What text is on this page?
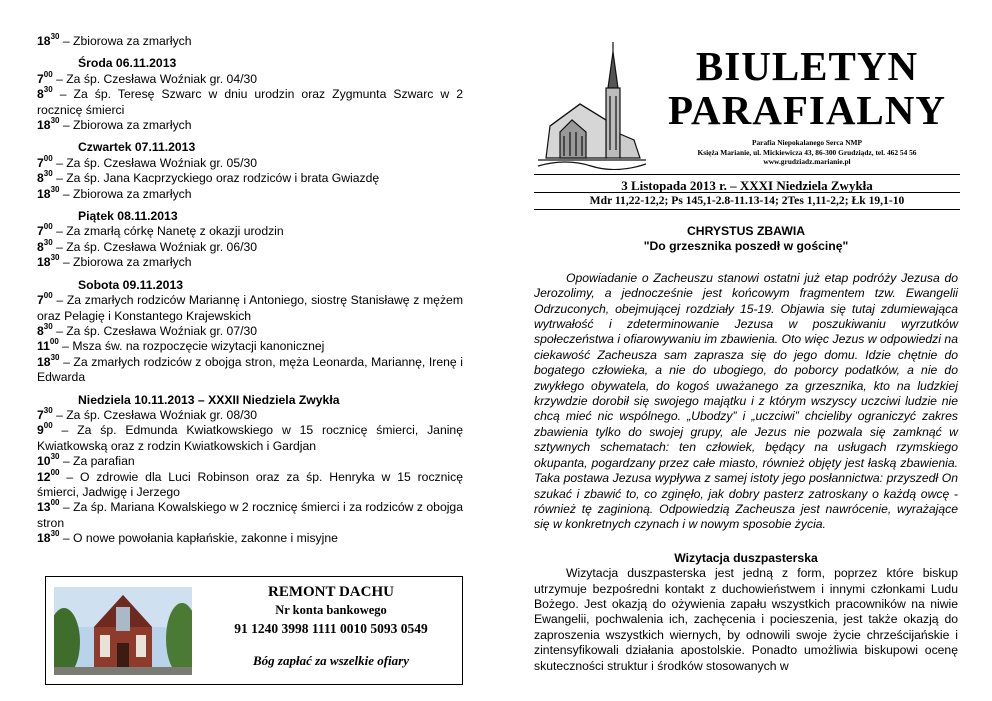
$18^{30}$ – Zbiorowa za zmarłych
Środa 06.11.2013
$7^{00}$ – Za śp. Czesława Woźniak gr. 04/30
$8^{30}$ – Za śp. Teresę Szwarc w dniu urodzin oraz Zygmunta Szwarc w 2 rocznicę śmierci
$18^{30}$ – Zbiorowa za zmarłych
Czwartek 07.11.2013
$7^{00}$ – Za śp. Czesława Woźniak gr. 05/30
$8^{30}$ – Za śp. Jana Kacprzyckiego oraz rodziców i brata Gwiazdę
$18^{30}$ – Zbiorowa za zmarłych
Piątek 08.11.2013
$7^{00}$ – Za zmarłą córkę Nanetę z okazji urodzin
$8^{30}$ – Za śp. Czesława Woźniak gr. 06/30
$18^{30}$ – Zbiorowa za zmarłych
Sobota 09.11.2013
$7^{00}$ – Za zmarłych rodziców Mariannę i Antoniego, siostrę Stanisławę z mężem oraz Pelagię i Konstantego Krajewskich
$8^{30}$ – Za śp. Czesława Woźniak gr. 07/30
$11^{00}$ – Msza św. na rozpoczęcie wizytacji kanonicznej
$18^{30}$ – Za zmarłych rodziców z obojga stron, męża Leonarda, Mariannę, Irenę i Edwarda
Niedziela 10.11.2013 – XXXII Niedziela Zwykła
$7^{30}$ – Za śp. Czesława Woźniak gr. 08/30
$9^{00}$ – Za śp. Edmunda Kwiatkowskiego w 15 rocznicę śmierci, Janinę Kwiatkowską oraz z rodzin Kwiatkowskich i Gardjan
$10^{30}$ – Za parafian
$12^{00}$ – O zdrowie dla Luci Robinson oraz za śp. Henryka w 15 rocznicę śmierci, Jadwigę i Jerzego
$13^{00}$ – Za śp. Mariana Kowalskiego w 2 rocznicę śmierci i za rodziców z obojga stron
$18^{30}$ – O nowe powołania kapłańskie, zakonne i misyjne
REMONT DACHU
Nr konta bankowego
91 1240 3998 1111 0010 5093 0549
Bóg zapłać za wszelkie ofiary
BIULETYN
PARAFIALNY
Parafia Niepokalanego Serca NMP
Księża Marianie, ul. Mickiewicza 43, 86-300 Grudziądz, tel. 462 54 56
www.grudziadz.marianie.pl
3 Listopada 2013 r. – XXXI Niedziela Zwykła
Mdr 11,22-12,2; Ps 145,1-2.8-11.13-14; 2Tes 1,11-2,2; Łk 19,1-10
CHRYSTUS ZBAWIA
"Do grzesznika poszedł w gościnę"
Opowiadanie o Zacheuszu stanowi ostatni już etap podróży Jezusa do Jerozolimy, a jednocześnie jest końcowym fragmentem tzw. Ewangelii Odrzuconych, obejmującej rozdziały 15-19. Objawia się tutaj zdumiewająca wytrwałość i zdeterminowanie Jezusa w poszukiwaniu wyrzutków społeczeństwa i ofiarowywaniu im zbawienia. Oto więc Jezus w odpowiedzi na ciekawość Zacheusza sam zaprasza się do jego domu. Idzie chętnie do bogatego człowieka, a nie do ubogiego, do poborcy podatków, a nie do zwykłego obywatela, do kogoś uważanego za grzesznika, kto na ludzkiej krzywdzie dorobił się swojego majątku i z którym wszyscy uczciwi ludzie nie chcą mieć nic wspólnego. „Ubodzy” i „uczciwi” chcieliby ograniczyć zakres zbawienia tylko do swojej grupy, ale Jezus nie pozwala się zamknąć w sztywnych schematach: ten człowiek, będący na usługach rzymskiego okupanta, pogardzany przez całe miasto, również objęty jest łaską zbawienia. Taka postawa Jezusa wypływa z samej istoty jego posłannictwa: przyszedł On szukać i zbawić to, co zginęło, jak dobry pasterz zatroskany o każdą owcę - również tę zaginioną. Odpowiedzią Zacheusza jest nawrócenie, wyrażające się w konkretnych czynach i w nowym sposobie życia.
Wizytacja duszpasterska
Wizytacja duszpasterska jest jedną z form, poprzez które biskup utrzymuje bezpośredni kontakt z duchowieństwem i innymi członkami Ludu Bożego. Jest okazją do ożywienia zapału wszystkich pracowników na niwie Ewangelii, pochwalenia ich, zachęcenia i pocieszenia, jest także okazją do zaproszenia wszystkich wiernych, by odnowili swoje życie chrześcijańskie i zintensyfikowali działania apostolskie. Ponadto umożliwia biskupowi ocenę skuteczności struktur i środków stosowanych w
